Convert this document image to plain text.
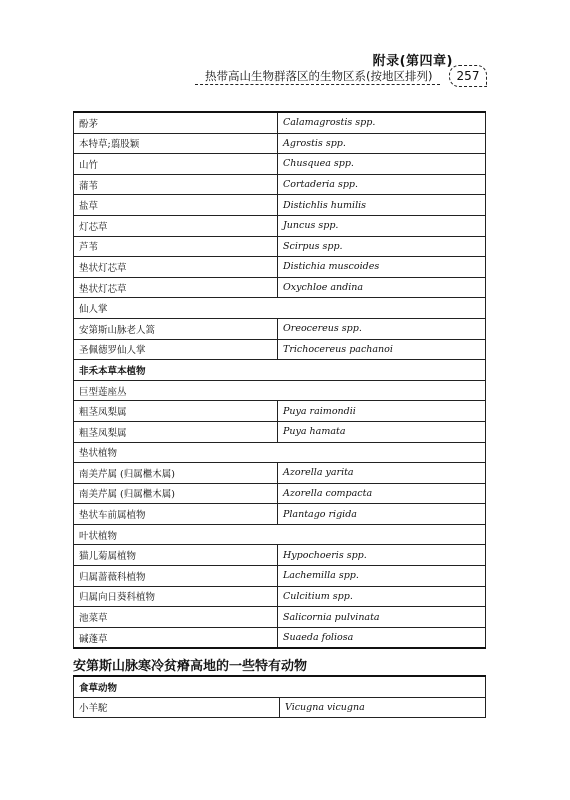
附录(第四章)
热带高山生物群落区的生物区系(按地区排列)	257
酚茅	Calamagrostis spp.
本特草;翦股颖	Agrostis spp.
山竹	Chusquea spp.
蒲苇	Cortaderia spp.
盐草	Distichlis humilis
灯芯草	Juncus spp.
芦苇	Scirpus spp.
垫状灯芯草	Distichia muscoides
垫状灯芯草	Oxychloe andina
仙人掌	
安第斯山脉老人篙	Oreocereus spp.
圣佩德罗仙人掌	Trichocereus pachanoi
非禾本草本植物	
巨型莲座丛	
粗茎凤梨属	Puya raimondii
粗茎凤梨属	Puya hamata
垫状植物	
南美芹属 (归属檵木属)	Azorella yarita
南美芹属 (归属檵木属)	Azorella compacta
垫状车前属植物	Plantago rigida
叶状植物	
猫儿菊属植物	Hypochoeris spp.
归属蔷薇科植物	Lachemilla spp.
归属向日葵科植物	Culcitium spp.
池菜草	Salicornia pulvinata
碱蓬草	Suaeda foliosa
安第斯山脉寒冷贫瘠高地的一些特有动物
食草动物
小羊駝	Vicugna vicugna
